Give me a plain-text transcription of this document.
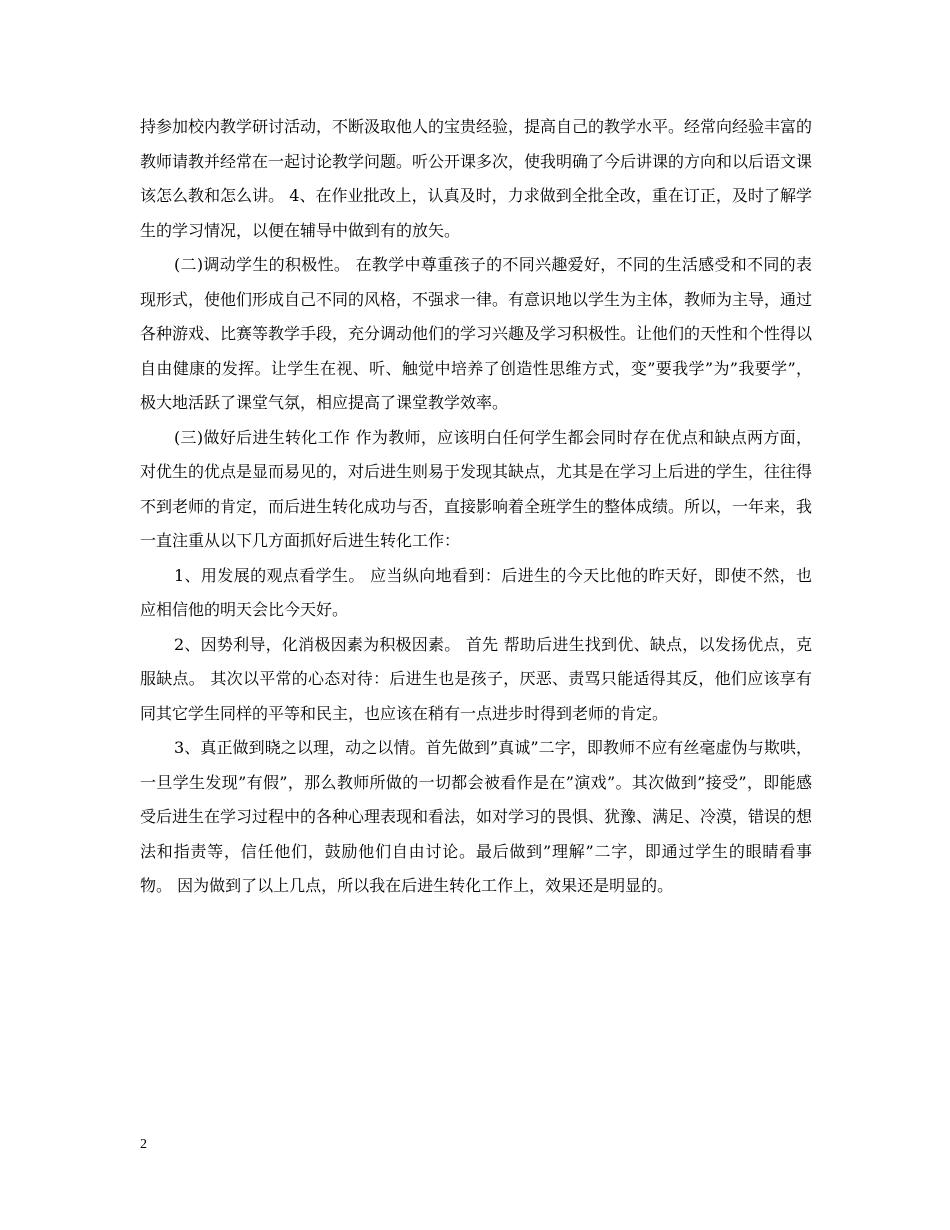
持参加校内教学研讨活动，不断汲取他人的宝贵经验，提高自己的教学水平。经常向经验丰富的教师请教并经常在一起讨论教学问题。听公开课多次，使我明确了今后讲课的方向和以后语文课该怎么教和怎么讲。 4、在作业批改上，认真及时，力求做到全批全改，重在订正，及时了解学生的学习情况，以便在辅导中做到有的放矢。

(二)调动学生的积极性。 在教学中尊重孩子的不同兴趣爱好，不同的生活感受和不同的表现形式，使他们形成自己不同的风格，不强求一律。有意识地以学生为主体，教师为主导，通过各种游戏、比赛等教学手段，充分调动他们的学习兴趣及学习积极性。让他们的天性和个性得以自由健康的发挥。让学生在视、听、触觉中培养了创造性思维方式，变”要我学”为”我要学”，极大地活跃了课堂气氛，相应提高了课堂教学效率。

(三)做好后进生转化工作 作为教师，应该明白任何学生都会同时存在优点和缺点两方面，对优生的优点是显而易见的，对后进生则易于发现其缺点，尤其是在学习上后进的学生，往往得不到老师的肯定，而后进生转化成功与否，直接影响着全班学生的整体成绩。所以，一年来，我一直注重从以下几方面抓好后进生转化工作：

1、用发展的观点看学生。 应当纵向地看到：后进生的今天比他的昨天好，即使不然，也应相信他的明天会比今天好。

2、因势利导，化消极因素为积极因素。 首先 帮助后进生找到优、缺点，以发扬优点，克服缺点。 其次以平常的心态对待：后进生也是孩子，厌恶、责骂只能适得其反，他们应该享有同其它学生同样的平等和民主，也应该在稍有一点进步时得到老师的肯定。

3、真正做到晓之以理，动之以情。首先做到”真诚”二字，即教师不应有丝毫虚伪与欺哄，一旦学生发现”有假”，那么教师所做的一切都会被看作是在”演戏”。其次做到”接受”，即能感受后进生在学习过程中的各种心理表现和看法，如对学习的畏惧、犹豫、满足、冷漠，错误的想法和指责等，信任他们，鼓励他们自由讨论。最后做到”理解”二字，即通过学生的眼睛看事物。 因为做到了以上几点，所以我在后进生转化工作上，效果还是明显的。

2
